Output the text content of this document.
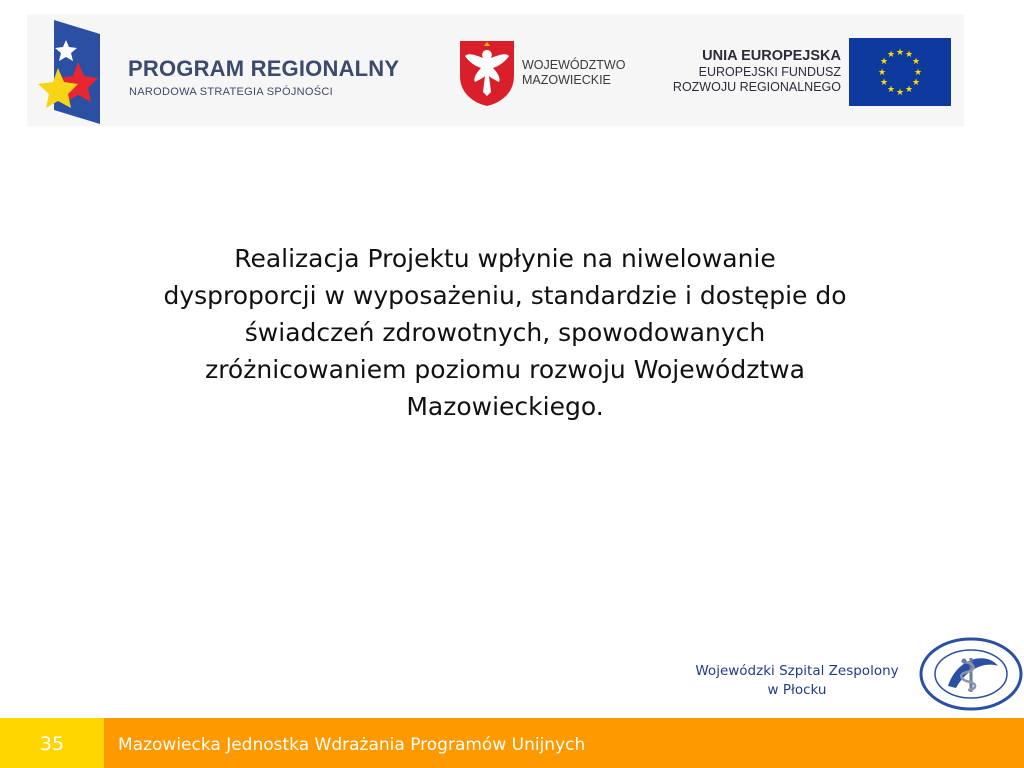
PROGRAM REGIONALNY
NARODOWA STRATEGIA SPÓJNOŚCI
WOJEWÓDZTWO
MAZOWIECKIE
UNIA EUROPEJSKA
EUROPEJSKI FUNDUSZ
ROZWOJU REGIONALNEGO
★ ★
★
★
★
★
★
★
★
★
★
★
Realizacja Projektu wpłynie na niwelowanie dysproporcji w wyposażeniu, standardzie i dostępie do świadczeń zdrowotnych, spowodowanych zróżnicowaniem poziomu rozwoju Województwa Mazowieckiego.
Wojewódzki Szpital Zespolony
w Płocku
35	Mazowiecka Jednostka Wdrażania Programów Unijnych
